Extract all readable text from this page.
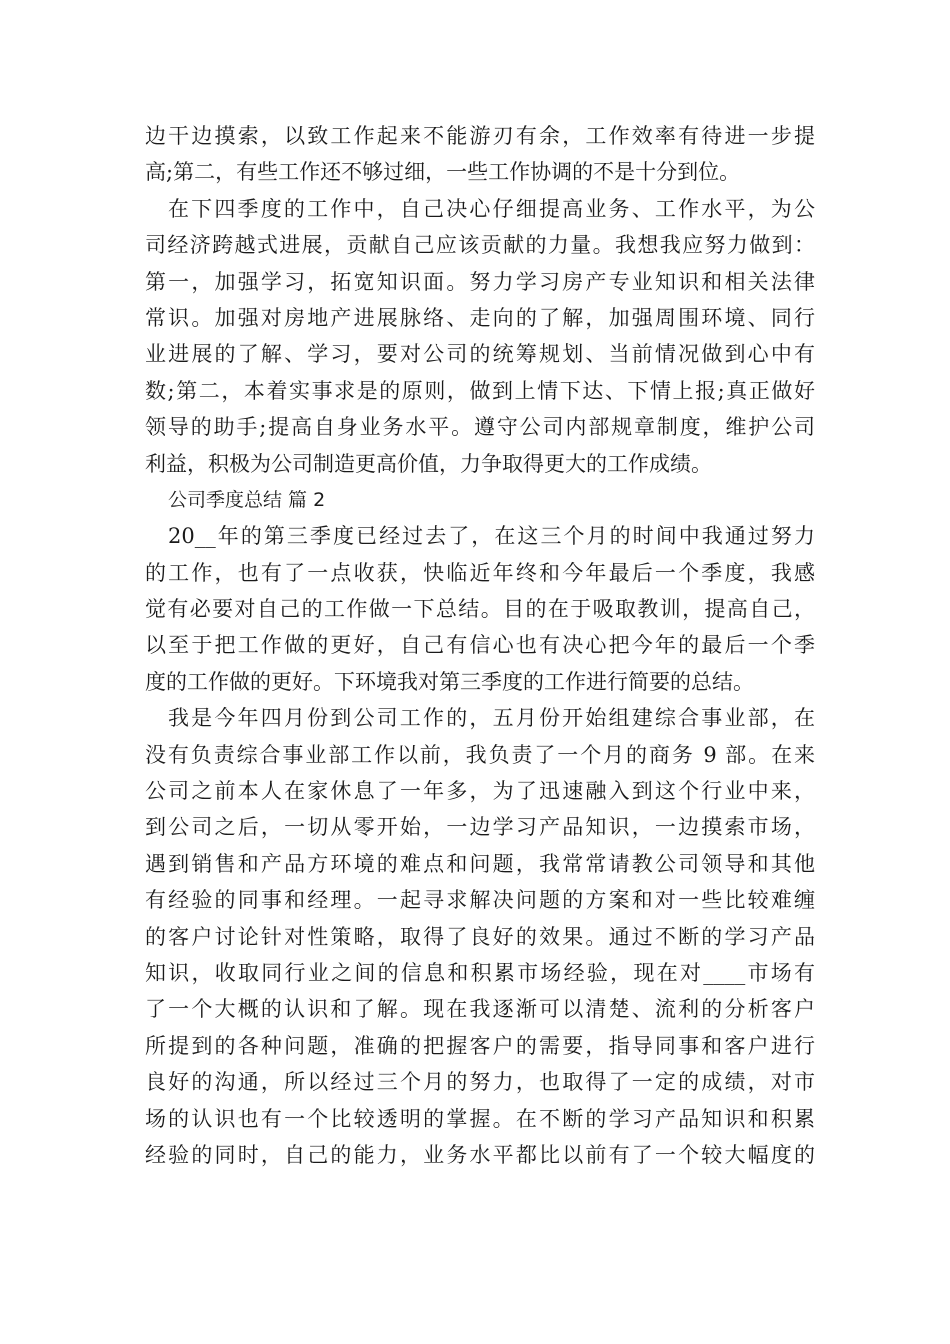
边干边摸索，以致工作起来不能游刃有余，工作效率有待进一步提
高;第二，有些工作还不够过细，一些工作协调的不是十分到位。
在下四季度的工作中，自己决心仔细提高业务、工作水平，为公
司经济跨越式进展，贡献自己应该贡献的力量。我想我应努力做到：
第一，加强学习，拓宽知识面。努力学习房产专业知识和相关法律
常识。加强对房地产进展脉络、走向的了解，加强周围环境、同行
业进展的了解、学习，要对公司的统筹规划、当前情况做到心中有
数;第二，本着实事求是的原则，做到上情下达、下情上报;真正做好
领导的助手;提高自身业务水平。遵守公司内部规章制度，维护公司
利益，积极为公司制造更高价值，力争取得更大的工作成绩。
公司季度总结 篇 2
20__年的第三季度已经过去了，在这三个月的时间中我通过努力
的工作，也有了一点收获，快临近年终和今年最后一个季度，我感
觉有必要对自己的工作做一下总结。目的在于吸取教训，提高自己，
以至于把工作做的更好，自己有信心也有决心把今年的最后一个季
度的工作做的更好。下环境我对第三季度的工作进行简要的总结。
我是今年四月份到公司工作的，五月份开始组建综合事业部，在
没有负责综合事业部工作以前，我负责了一个月的商务 9 部。在来
公司之前本人在家休息了一年多，为了迅速融入到这个行业中来，
到公司之后，一切从零开始，一边学习产品知识，一边摸索市场，
遇到销售和产品方环境的难点和问题，我常常请教公司领导和其他
有经验的同事和经理。一起寻求解决问题的方案和对一些比较难缠
的客户讨论针对性策略，取得了良好的效果。通过不断的学习产品
知识，收取同行业之间的信息和积累市场经验，现在对____市场有
了一个大概的认识和了解。现在我逐渐可以清楚、流利的分析客户
所提到的各种问题，准确的把握客户的需要，指导同事和客户进行
良好的沟通，所以经过三个月的努力，也取得了一定的成绩，对市
场的认识也有一个比较透明的掌握。在不断的学习产品知识和积累
经验的同时，自己的能力，业务水平都比以前有了一个较大幅度的
